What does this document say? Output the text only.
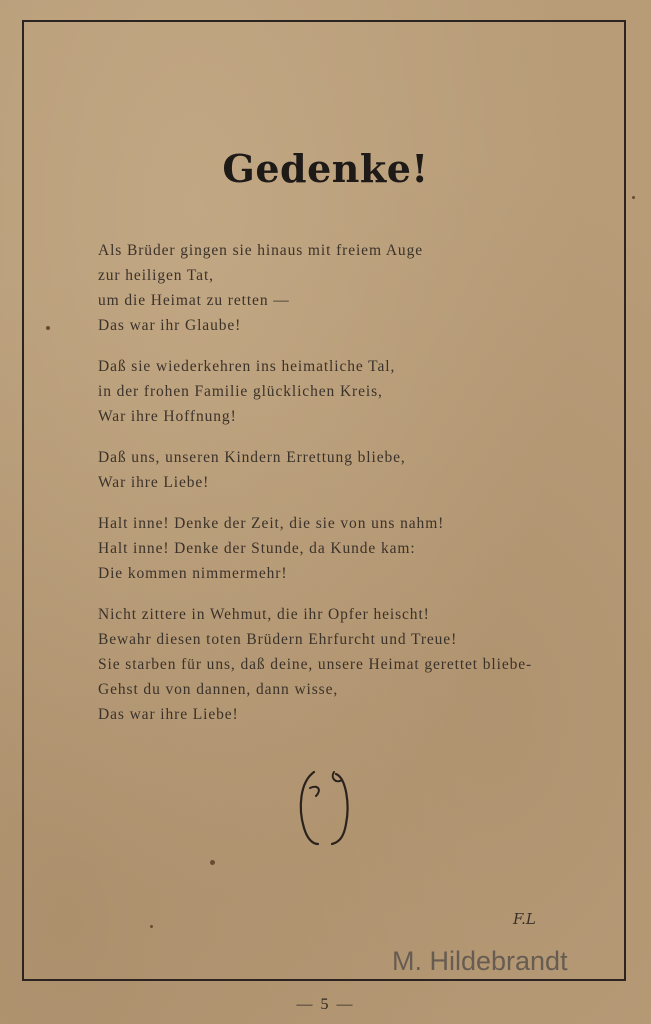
Gedenke!
Als Brüder gingen sie hinaus mit freiem Auge
zur heiligen Tat,
um die Heimat zu retten —
Das war ihr Glaube!
Daß sie wiederkehren ins heimatliche Tal,
in der frohen Familie glücklichen Kreis,
War ihre Hoffnung!
Daß uns, unseren Kindern Errettung bliebe,
War ihre Liebe!
Halt inne! Denke der Zeit, die sie von uns nahm!
Halt inne! Denke der Stunde, da Kunde kam:
Die kommen nimmermehr!
Nicht zittere in Wehmut, die ihr Opfer heischt!
Bewahr diesen toten Brüdern Ehrfurcht und Treue!
Sie starben für uns, daß deine, unsere Heimat gerettet bliebe-
Gehst du von dannen, dann wisse,
Das war ihre Liebe!
F.L
M. Hildebrandt
— 5 —
